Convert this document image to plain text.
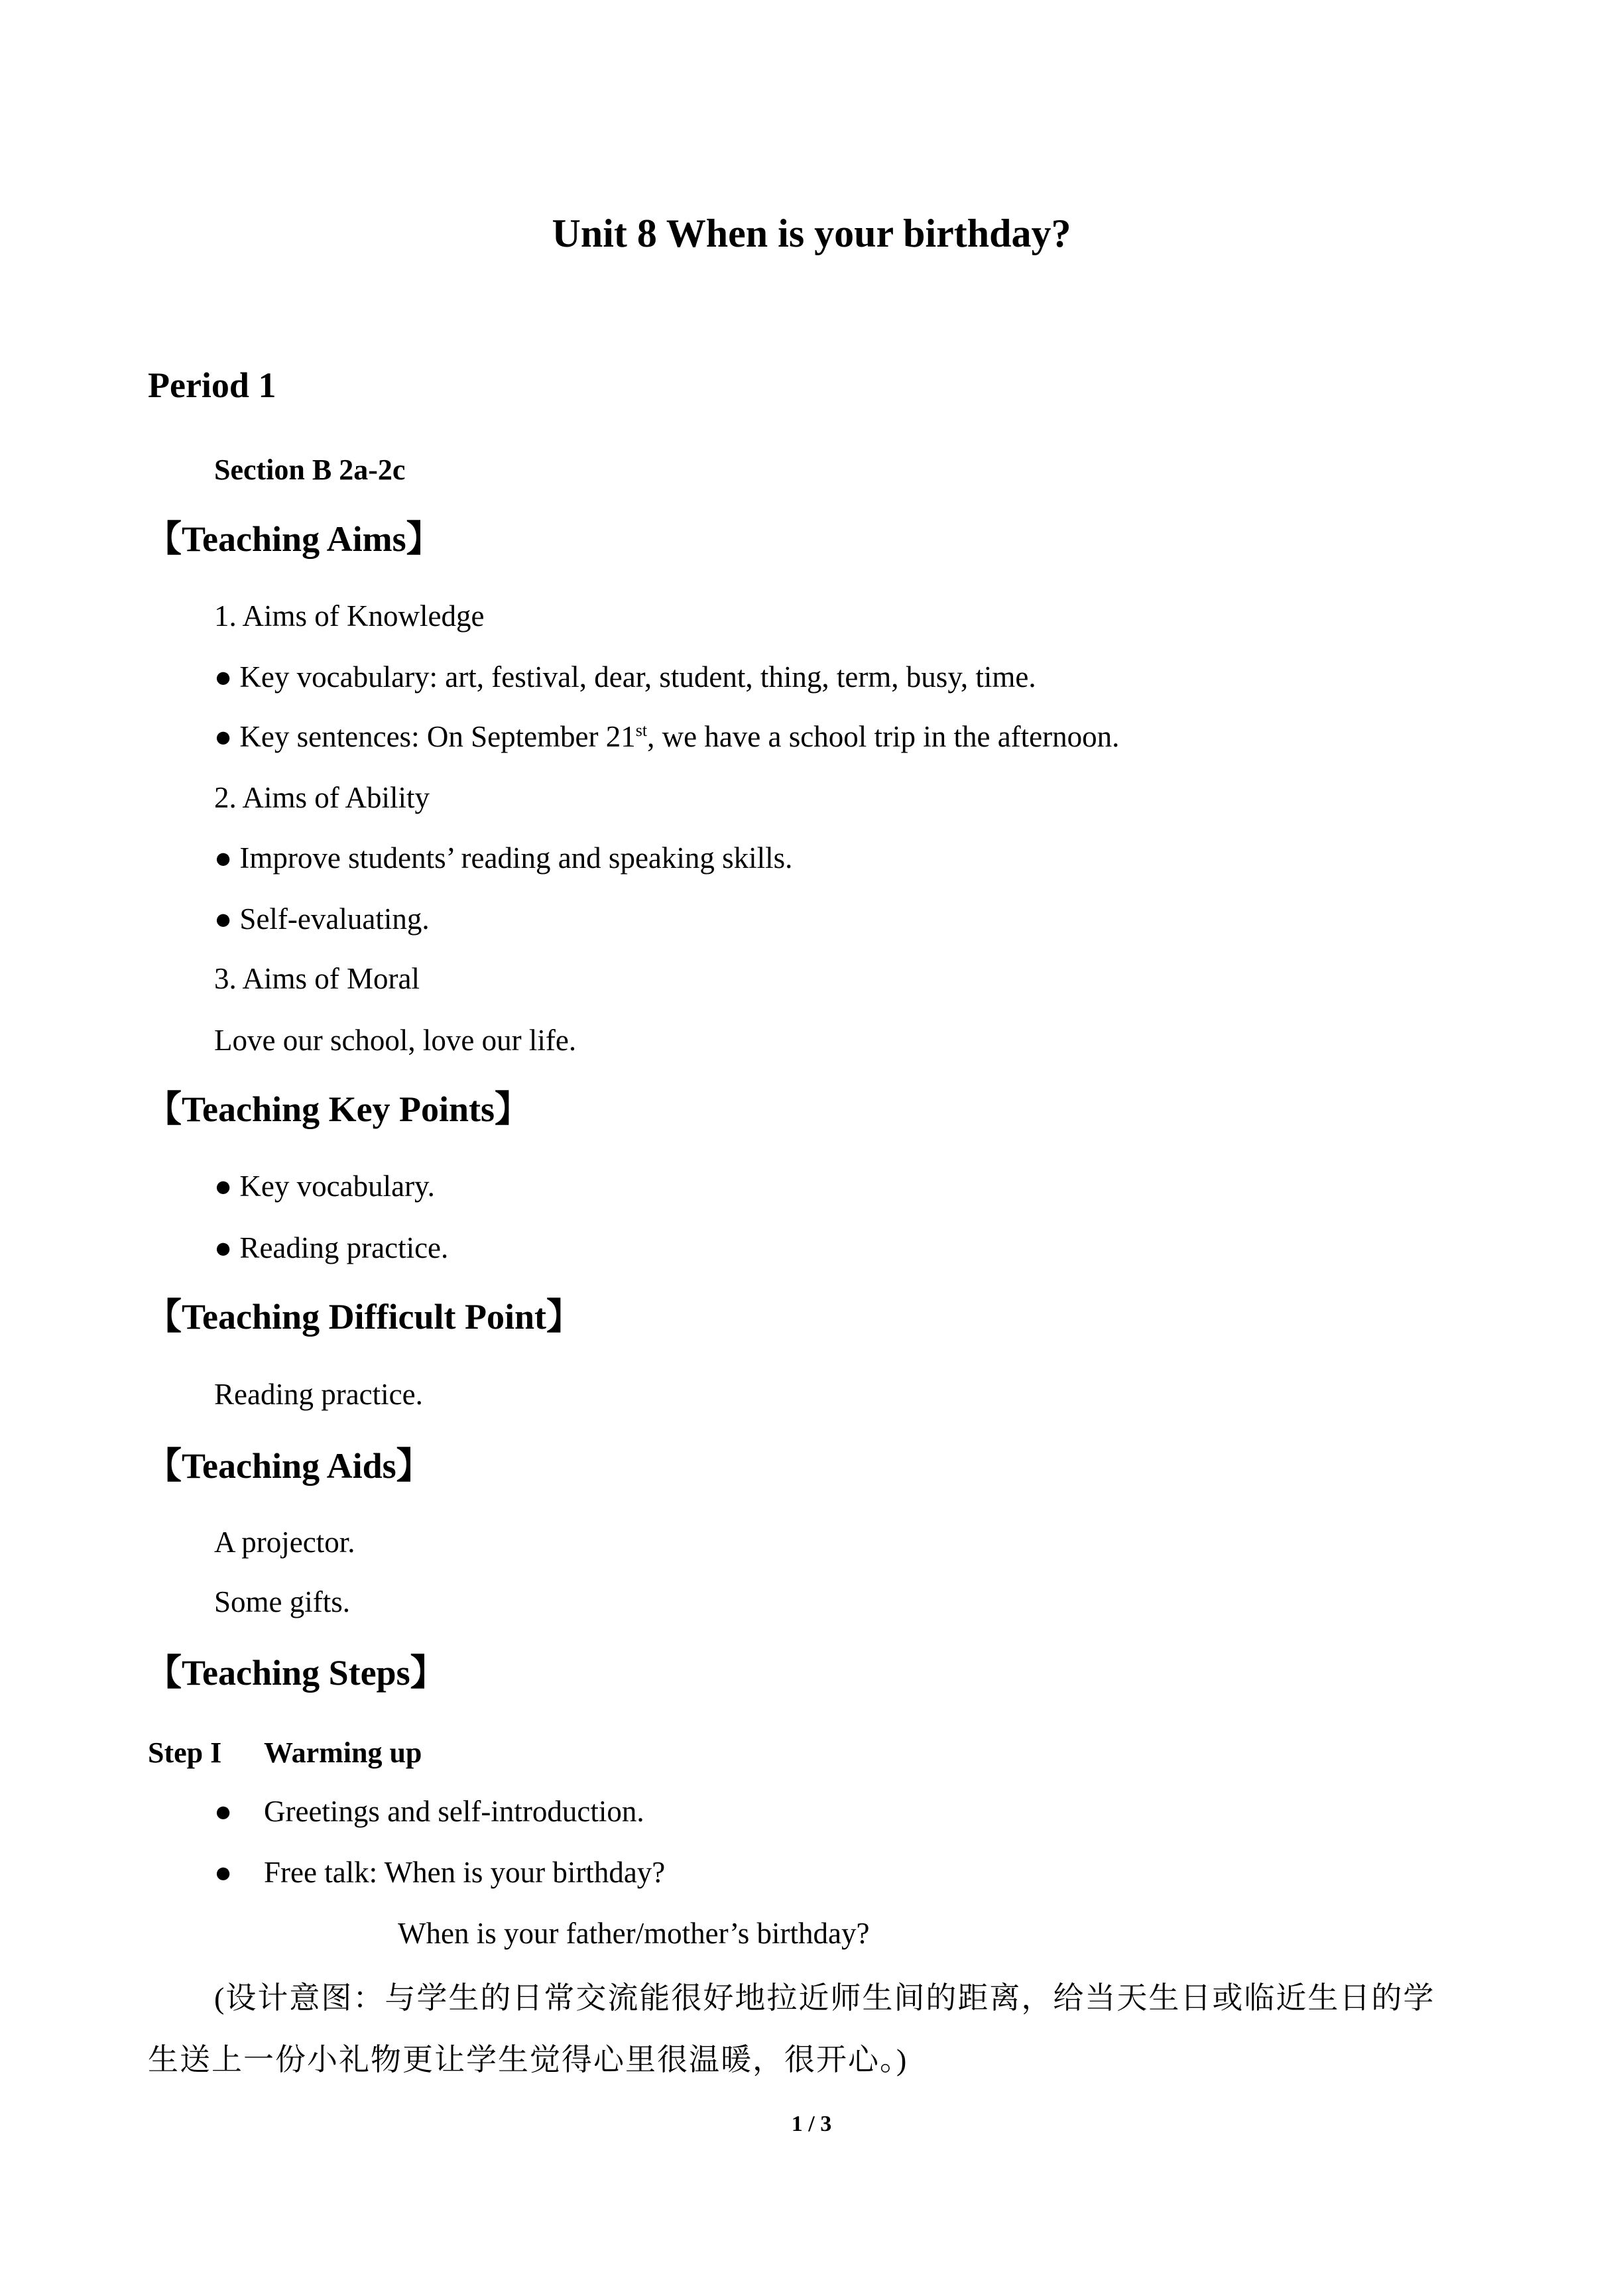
Unit 8 When is your birthday?
Period 1
Section B 2a-2c
【Teaching Aims】
1. Aims of Knowledge
● Key vocabulary: art, festival, dear, student, thing, term, busy, time.
● Key sentences: On September 21st, we have a school trip in the afternoon.
2. Aims of Ability
● Improve students’ reading and speaking skills.
● Self-evaluating.
3. Aims of Moral
Love our school, love our life.
【Teaching Key Points】
● Key vocabulary.
● Reading practice.
【Teaching Difficult Point】
Reading practice.
【Teaching Aids】
A projector.
Some gifts.
【Teaching Steps】
Step I Warming up
● Greetings and self-introduction.
● Free talk: When is your birthday?
When is your father/mother’s birthday?
(设计意图：与学生的日常交流能很好地拉近师生间的距离，给当天生日或临近生日的学
生送上一份小礼物更让学生觉得心里很温暖，很开心。)
1 / 3
